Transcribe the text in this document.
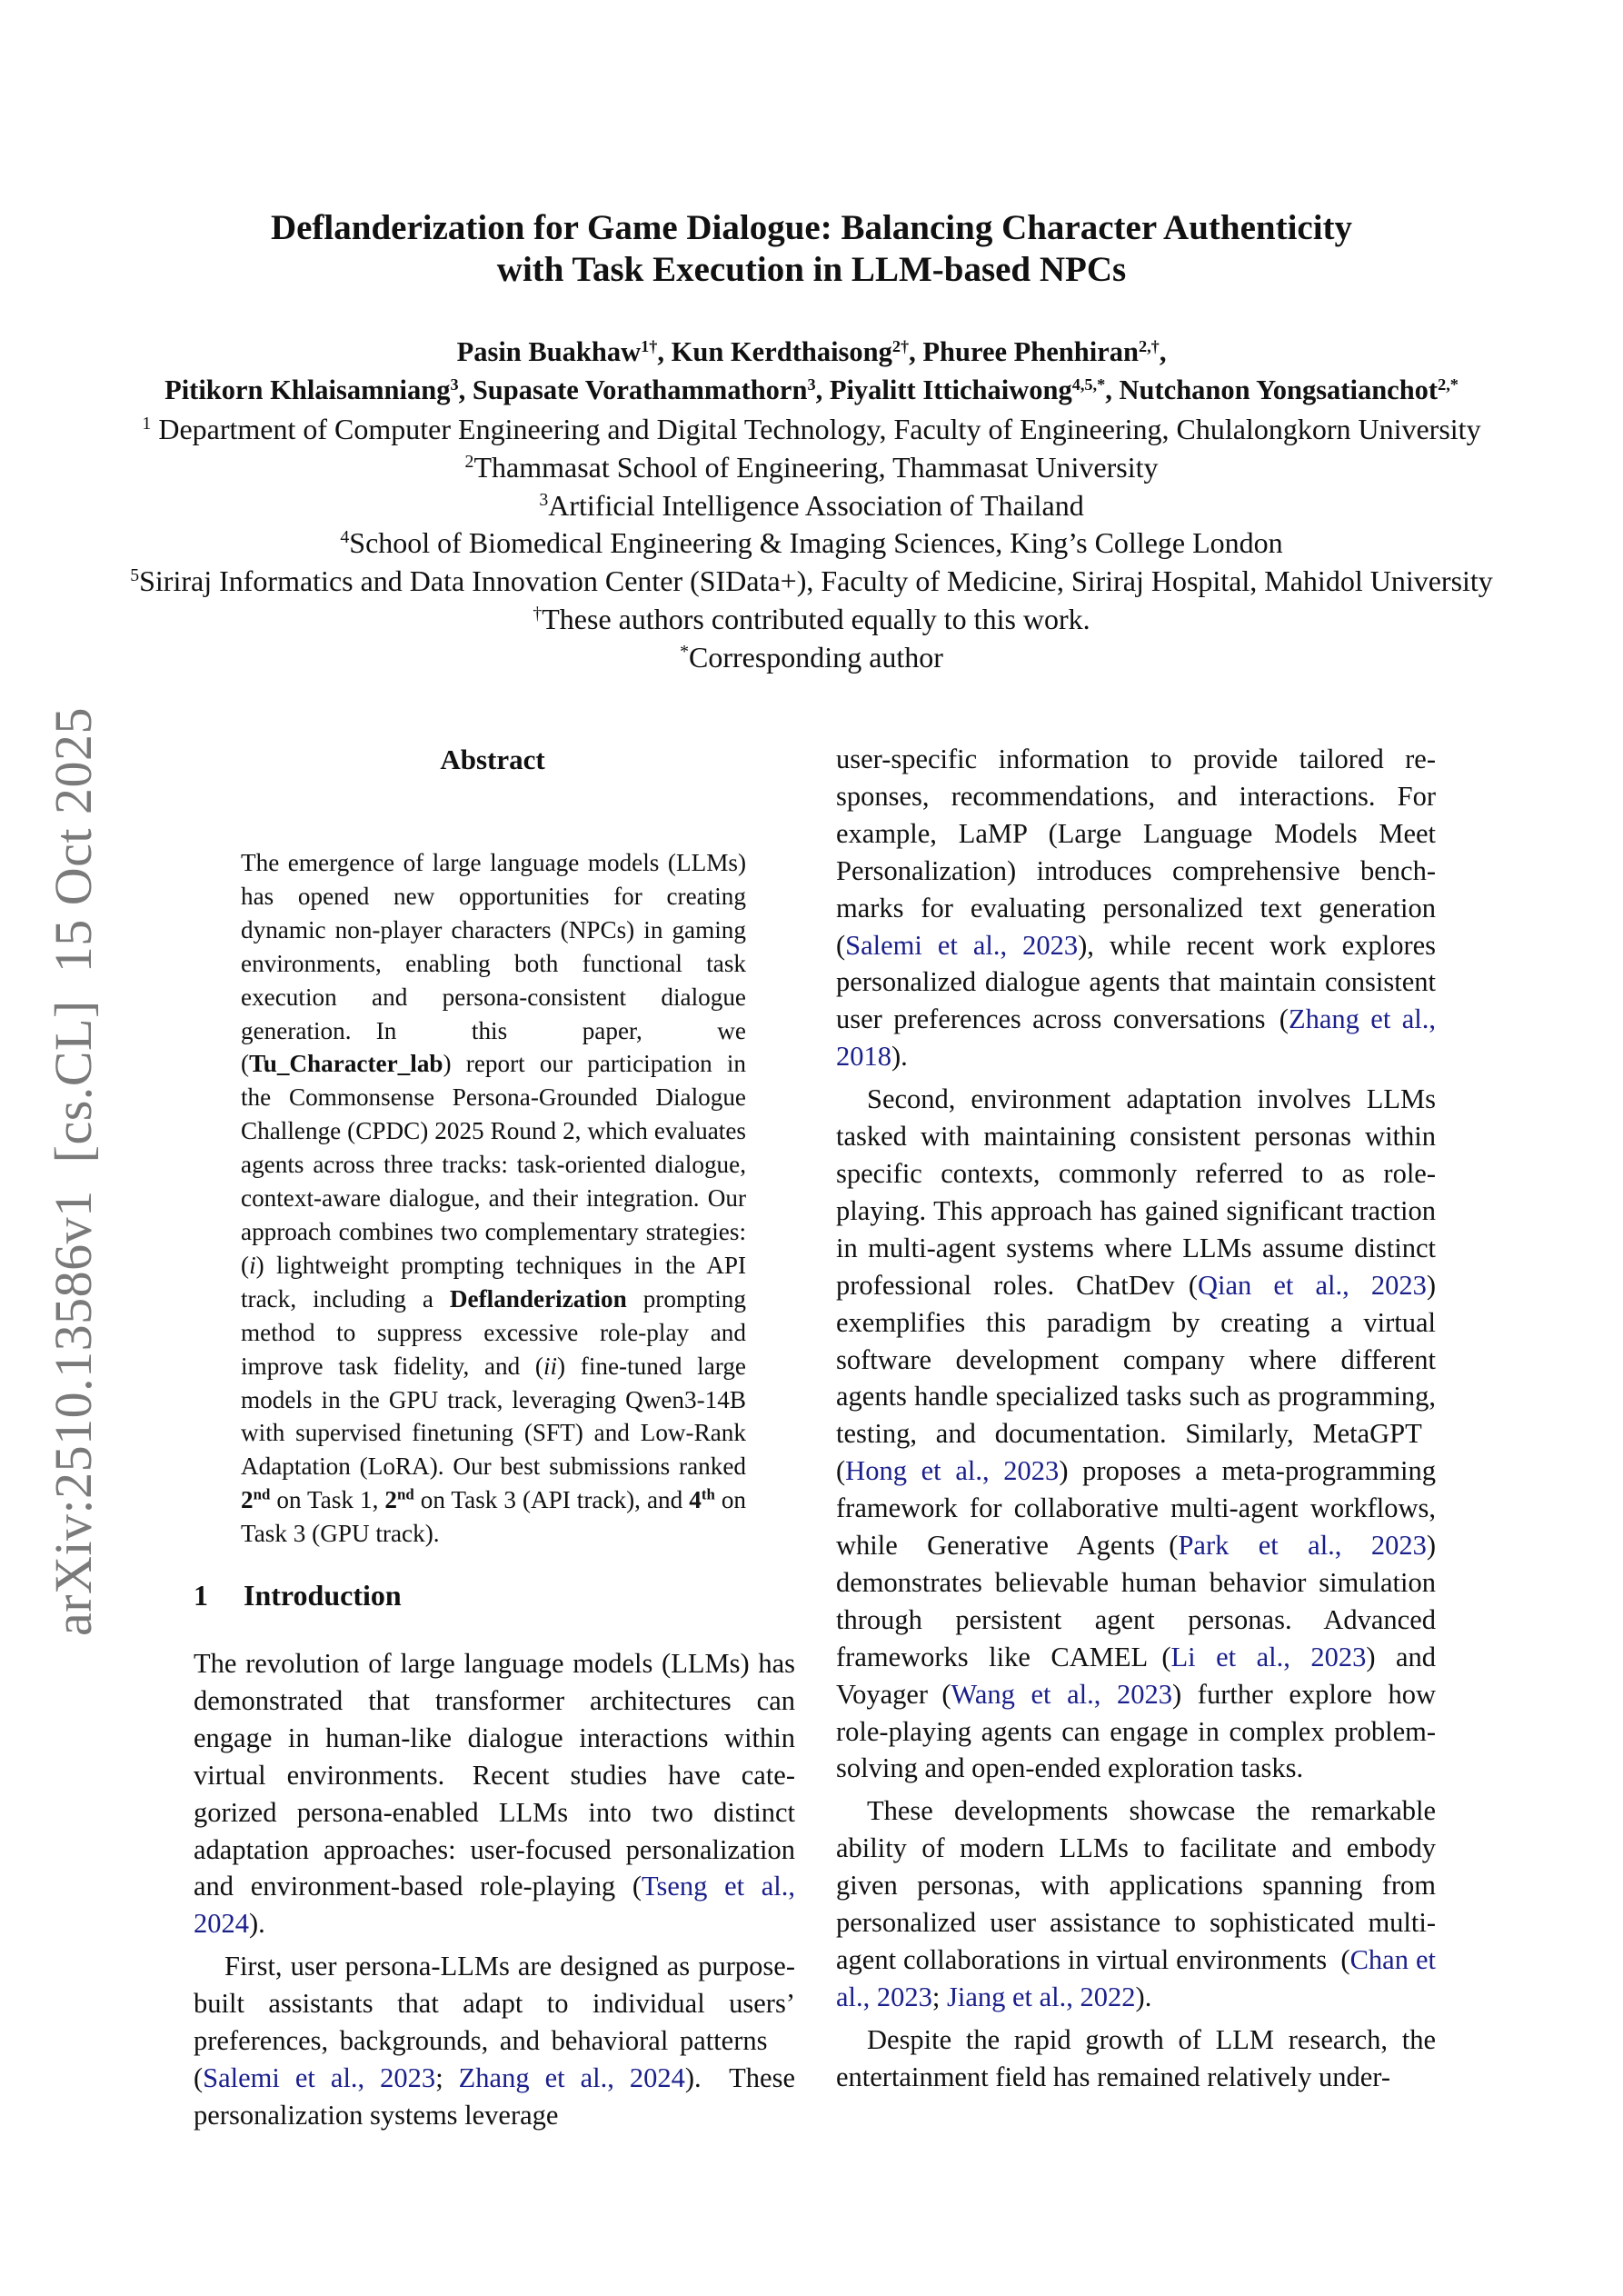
arXiv:2510.13586v1  [cs.CL]  15 Oct 2025
Deflanderization for Game Dialogue: Balancing Character Authenticity
with Task Execution in LLM-based NPCs
Pasin Buakhaw$^{1\dagger}$, Kun Kerdthaisong$^{2\dagger}$, Phuree Phenhiran$^{2,\dagger}$,
Pitikorn Khlaisamniang$^3$, Supasate Vorathammathorn$^3$, Piyalitt Ittichaiwong$^{4,5,*}$, Nutchanon Yongsatianchot$^{2,*}$
$^1$ Department of Computer Engineering and Digital Technology, Faculty of Engineering, Chulalongkorn University
$^2$Thammasat School of Engineering, Thammasat University
$^3$Artificial Intelligence Association of Thailand
$^4$School of Biomedical Engineering & Imaging Sciences, King’s College London
$^5$Siriraj Informatics and Data Innovation Center (SIData+), Faculty of Medicine, Siriraj Hospital, Mahidol University
†These authors contributed equally to this work.
*Corresponding author
Abstract

The emergence of large language models (LLMs) has opened new opportunities for creating dynamic non-player characters (NPCs) in gaming environments, enabling both functional task execution and persona-consistent dialogue generation. In this paper, we (Tu_Character_lab) report our participation in the Commonsense Persona-Grounded Dialogue Challenge (CPDC) 2025 Round 2, which evaluates agents across three tracks: task-oriented dialogue, context-aware dialogue, and their integration. Our approach combines two complementary strategies: (i) lightweight prompting techniques in the API track, including a Deflanderization prompting method to suppress excessive role-play and improve task fidelity, and (ii) fine-tuned large models in the GPU track, leveraging Qwen3-14B with supervised finetuning (SFT) and Low-Rank Adaptation (LoRA). Our best submissions ranked 2nd on Task 1, 2nd on Task 3 (API track), and 4th on Task 3 (GPU track).

1 Introduction

The revolution of large language models (LLMs) has demonstrated that transformer architectures can engage in human-like dialogue interactions within virtual environments. Recent studies have categorized persona-enabled LLMs into two distinct adaptation approaches: user-focused personalization and environment-based role-playing (Tseng et al., 2024).

First, user persona-LLMs are designed as purpose-built assistants that adapt to individual users’ preferences, backgrounds, and behavioral patterns (Salemi et al., 2023; Zhang et al., 2024). These personalization systems leverage

user-specific information to provide tailored responses, recommendations, and interactions. For example, LaMP (Large Language Models Meet Personalization) introduces comprehensive benchmarks for evaluating personalized text generation (Salemi et al., 2023), while recent work explores personalized dialogue agents that maintain consistent user preferences across conversations (Zhang et al., 2018).

Second, environment adaptation involves LLMs tasked with maintaining consistent personas within specific contexts, commonly referred to as role-playing. This approach has gained significant traction in multi-agent systems where LLMs assume distinct professional roles. ChatDev (Qian et al., 2023) exemplifies this paradigm by creating a virtual software development company where different agents handle specialized tasks such as programming, testing, and documentation. Similarly, MetaGPT (Hong et al., 2023) proposes a meta-programming framework for collaborative multi-agent workflows, while Generative Agents (Park et al., 2023) demonstrates believable human behavior simulation through persistent agent personas. Advanced frameworks like CAMEL (Li et al., 2023) and Voyager (Wang et al., 2023) further explore how role-playing agents can engage in complex problem-solving and open-ended exploration tasks.

These developments showcase the remarkable ability of modern LLMs to facilitate and embody given personas, with applications spanning from personalized user assistance to sophisticated multi-agent collaborations in virtual environments (Chan et al., 2023; Jiang et al., 2022).

Despite the rapid growth of LLM research, the entertainment field has remained relatively under-
